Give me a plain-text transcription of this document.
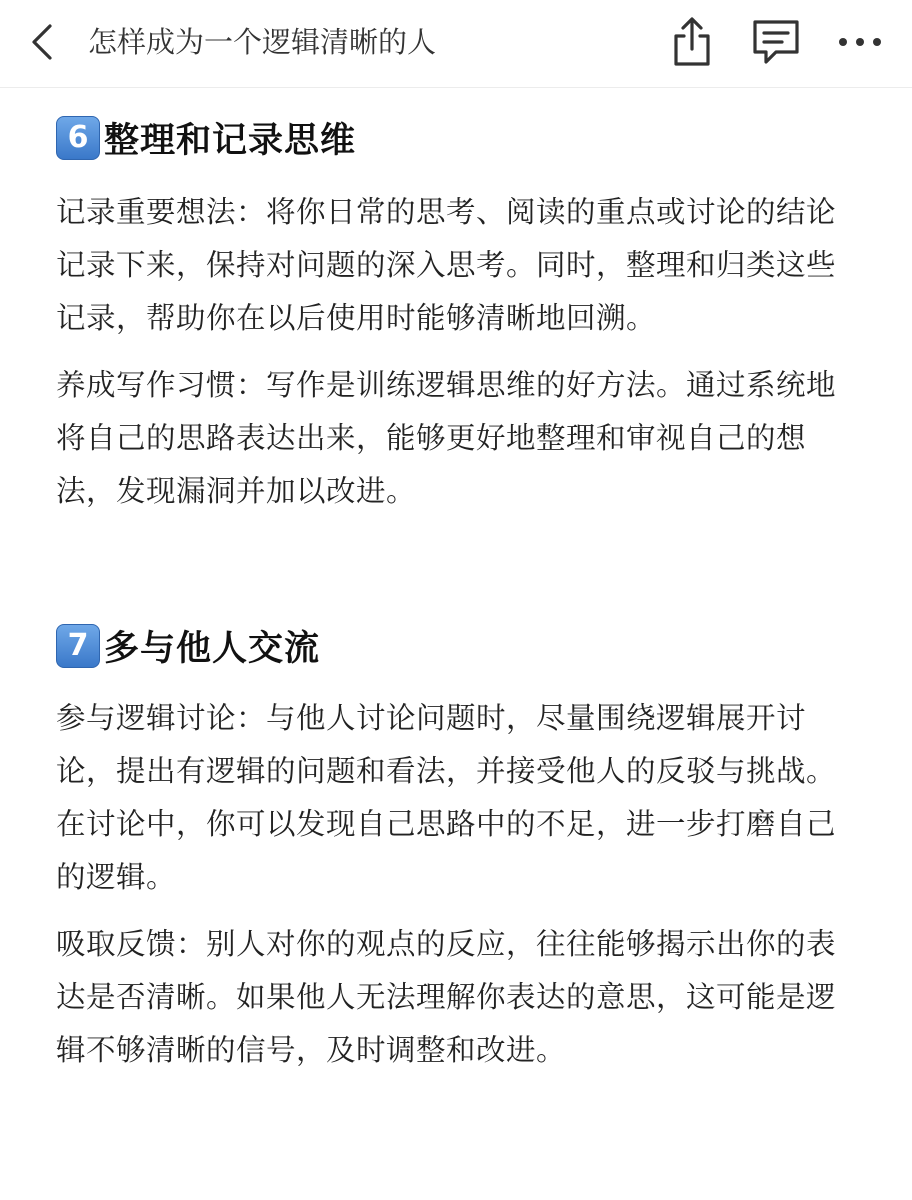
怎样成为一个逻辑清晰的人
6 整理和记录思维

记录重要想法：将你日常的思考、阅读的重点或讨论的结论记录下来，保持对问题的深入思考。同时，整理和归类这些记录，帮助你在以后使用时能够清晰地回溯。

养成写作习惯：写作是训练逻辑思维的好方法。通过系统地将自己的思路表达出来，能够更好地整理和审视自己的想法，发现漏洞并加以改进。

7 多与他人交流

参与逻辑讨论：与他人讨论问题时，尽量围绕逻辑展开讨论，提出有逻辑的问题和看法，并接受他人的反驳与挑战。在讨论中，你可以发现自己思路中的不足，进一步打磨自己的逻辑。

吸取反馈：别人对你的观点的反应，往往能够揭示出你的表达是否清晰。如果他人无法理解你表达的意思，这可能是逻辑不够清晰的信号，及时调整和改进。
